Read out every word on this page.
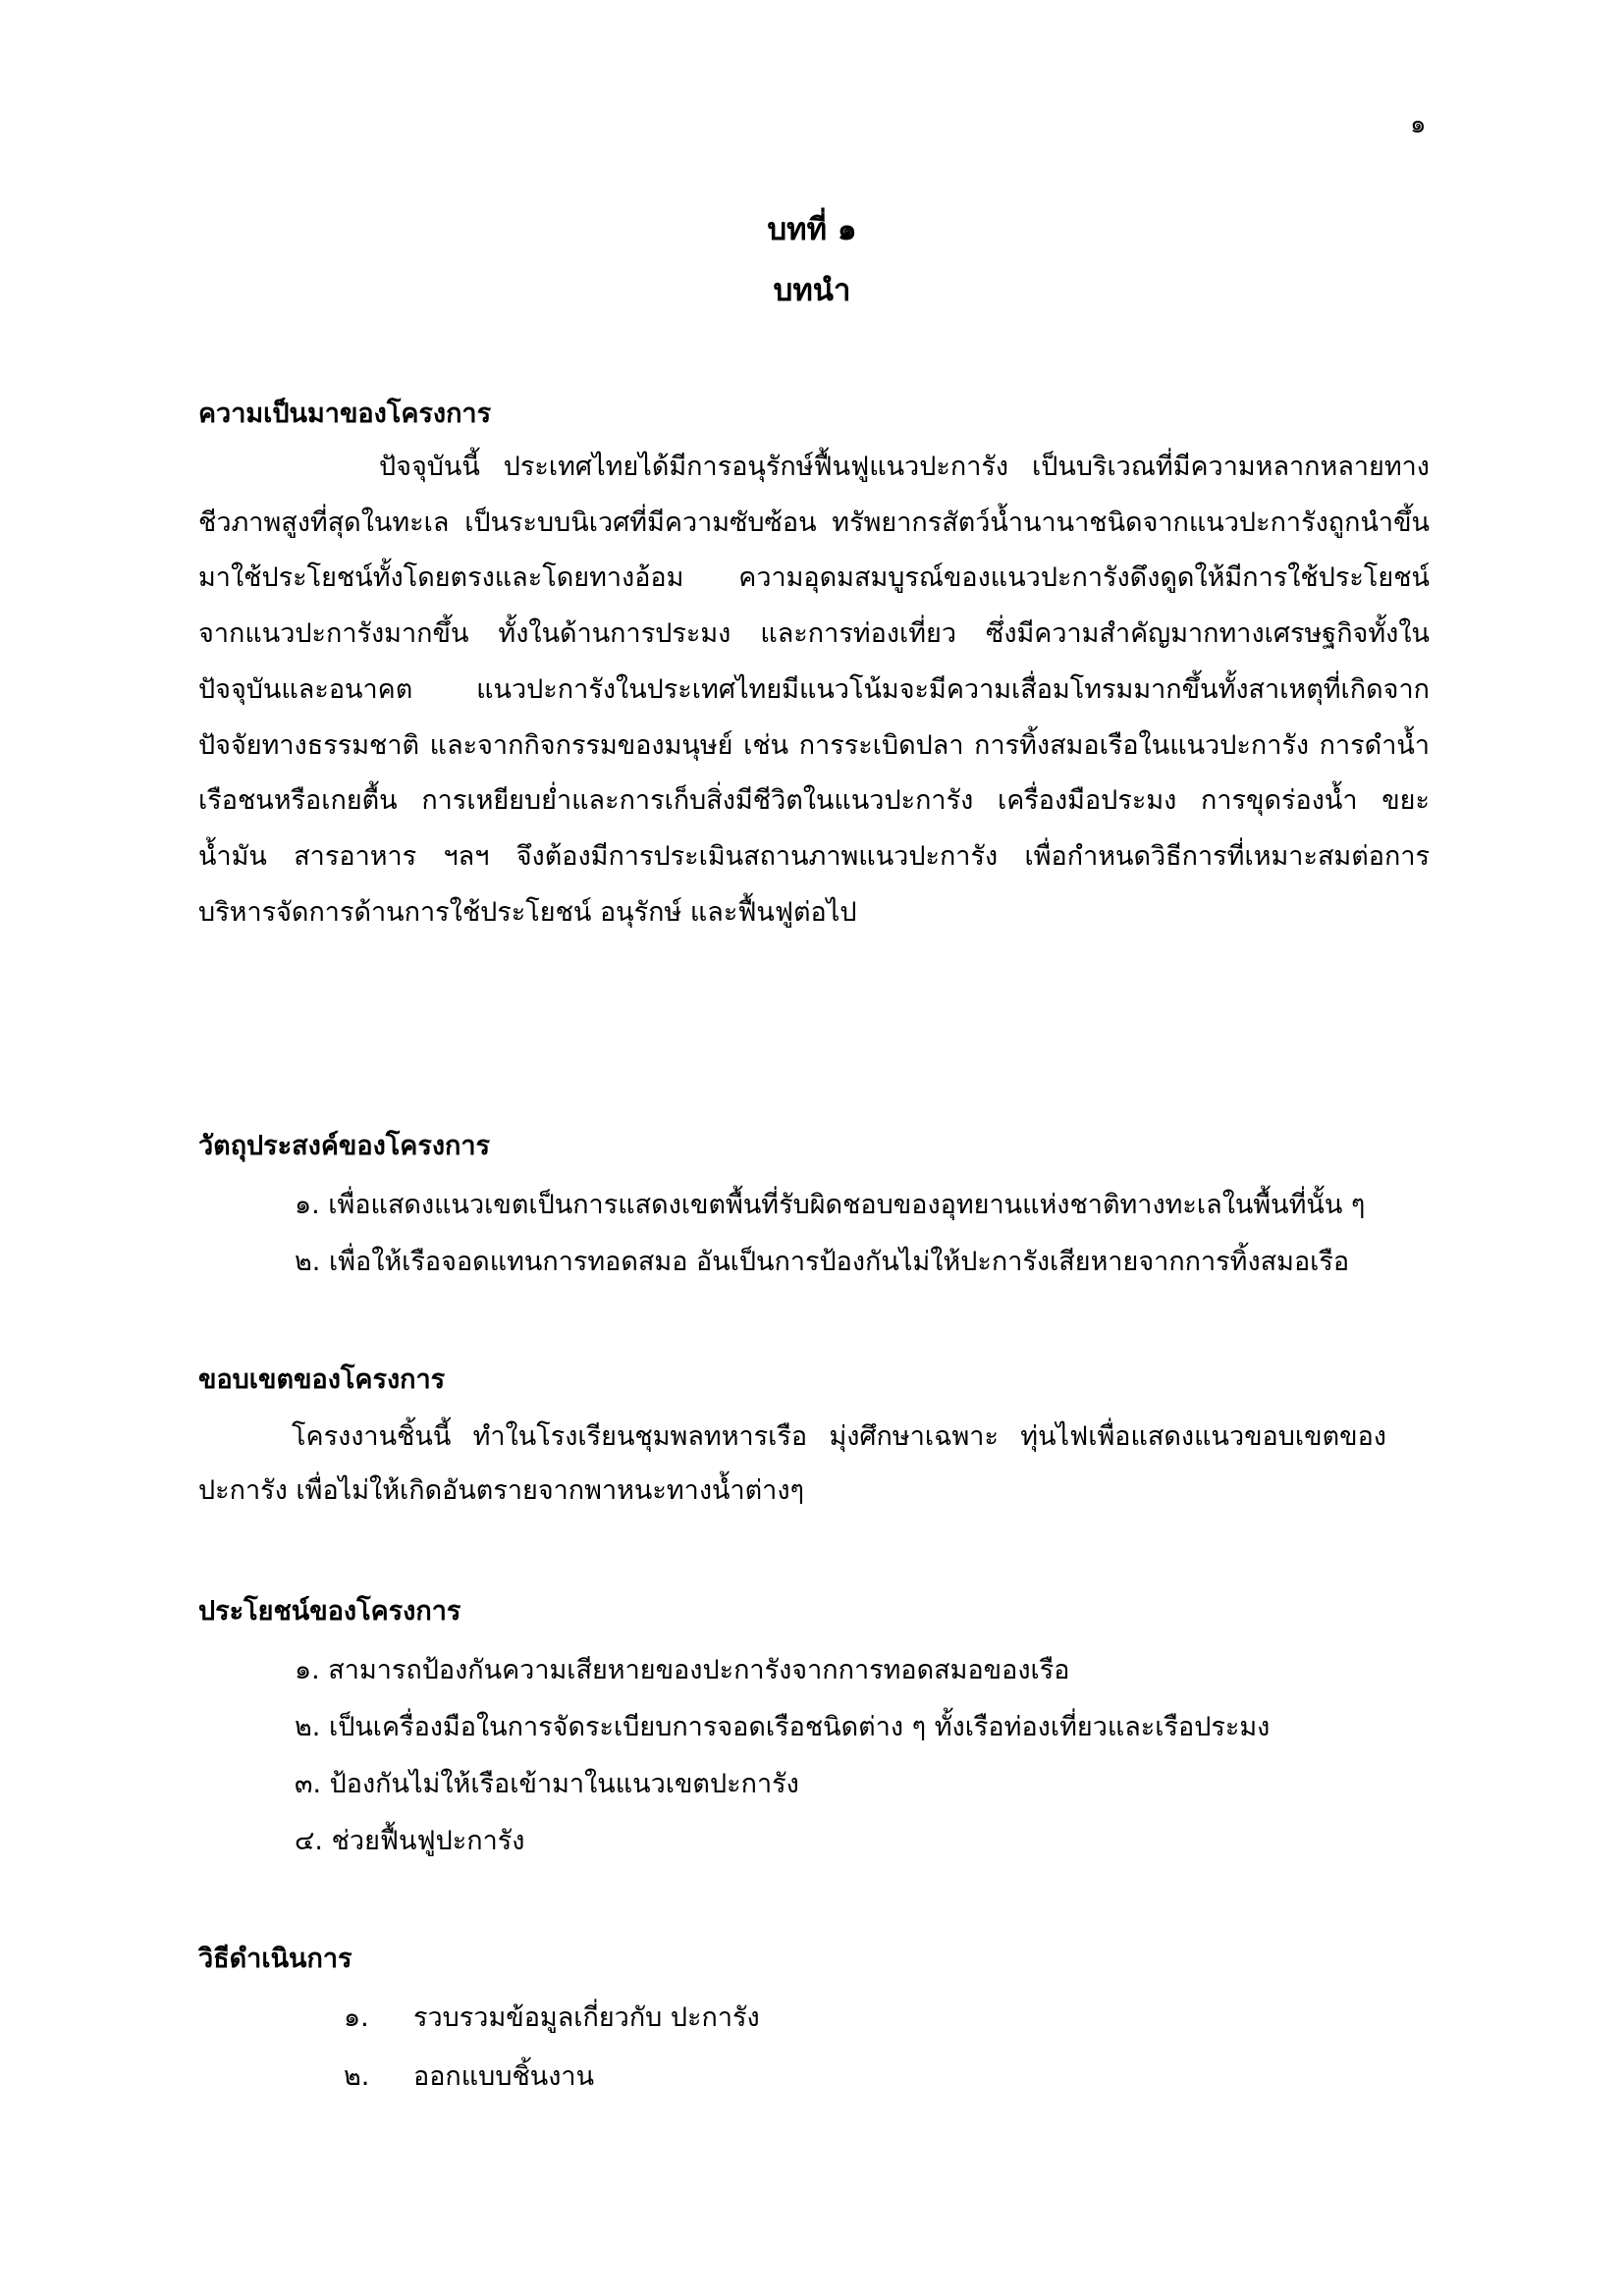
๑
บทที่ ๑
บทนำ
ความเป็นมาของโครงการ
ปัจจุบันนี้ ประเทศไทยได้มีการอนุรักษ์ฟื้นฟูแนวปะการัง เป็นบริเวณที่มีความหลากหลายทางชีวภาพสูงที่สุดในทะเล เป็นระบบนิเวศที่มีความซับซ้อน ทรัพยากรสัตว์น้ำนานาชนิดจากแนวปะการังถูกนำขึ้นมาใช้ประโยชน์ทั้งโดยตรงและโดยทางอ้อม ความอุดมสมบูรณ์ของแนวปะการังดึงดูดให้มีการใช้ประโยชน์จากแนวปะการังมากขึ้น ทั้งในด้านการประมง และการท่องเที่ยว ซึ่งมีความสำคัญมากทางเศรษฐกิจทั้งในปัจจุบันและอนาคต แนวปะการังในประเทศไทยมีแนวโน้มจะมีความเสื่อมโทรมมากขึ้นทั้งสาเหตุที่เกิดจากปัจจัยทางธรรมชาติ และจากกิจกรรมของมนุษย์ เช่น การระเบิดปลา การทิ้งสมอเรือในแนวปะการัง การดำน้ำ เรือชนหรือเกยตื้น การเหยียบย่ำและการเก็บสิ่งมีชีวิตในแนวปะการัง เครื่องมือประมง การขุดร่องน้ำ ขยะ น้ำมัน สารอาหาร ฯลฯ จึงต้องมีการประเมินสถานภาพแนวปะการัง เพื่อกำหนดวิธีการที่เหมาะสมต่อการบริหารจัดการด้านการใช้ประโยชน์ อนุรักษ์ และฟื้นฟูต่อไป
วัตถุประสงค์ของโครงการ
๑. เพื่อแสดงแนวเขตเป็นการแสดงเขตพื้นที่รับผิดชอบของอุทยานแห่งชาติทางทะเลในพื้นที่นั้น ๆ
๒. เพื่อให้เรือจอดแทนการทอดสมอ อันเป็นการป้องกันไม่ให้ปะการังเสียหายจากการทิ้งสมอเรือ
ขอบเขตของโครงการ
โครงงานชิ้นนี้ ทำในโรงเรียนชุมพลทหารเรือ มุ่งศึกษาเฉพาะ ทุ่นไฟเพื่อแสดงแนวขอบเขตของปะการัง เพื่อไม่ให้เกิดอันตรายจากพาหนะทางน้ำต่างๆ
ประโยชน์ของโครงการ
๑. สามารถป้องกันความเสียหายของปะการังจากการทอดสมอของเรือ
๒. เป็นเครื่องมือในการจัดระเบียบการจอดเรือชนิดต่าง ๆ ทั้งเรือท่องเที่ยวและเรือประมง
๓. ป้องกันไม่ให้เรือเข้ามาในแนวเขตปะการัง
๔. ช่วยฟื้นฟูปะการัง
วิธีดำเนินการ
๑. รวบรวมข้อมูลเกี่ยวกับ ปะการัง
๒. ออกแบบชิ้นงาน
